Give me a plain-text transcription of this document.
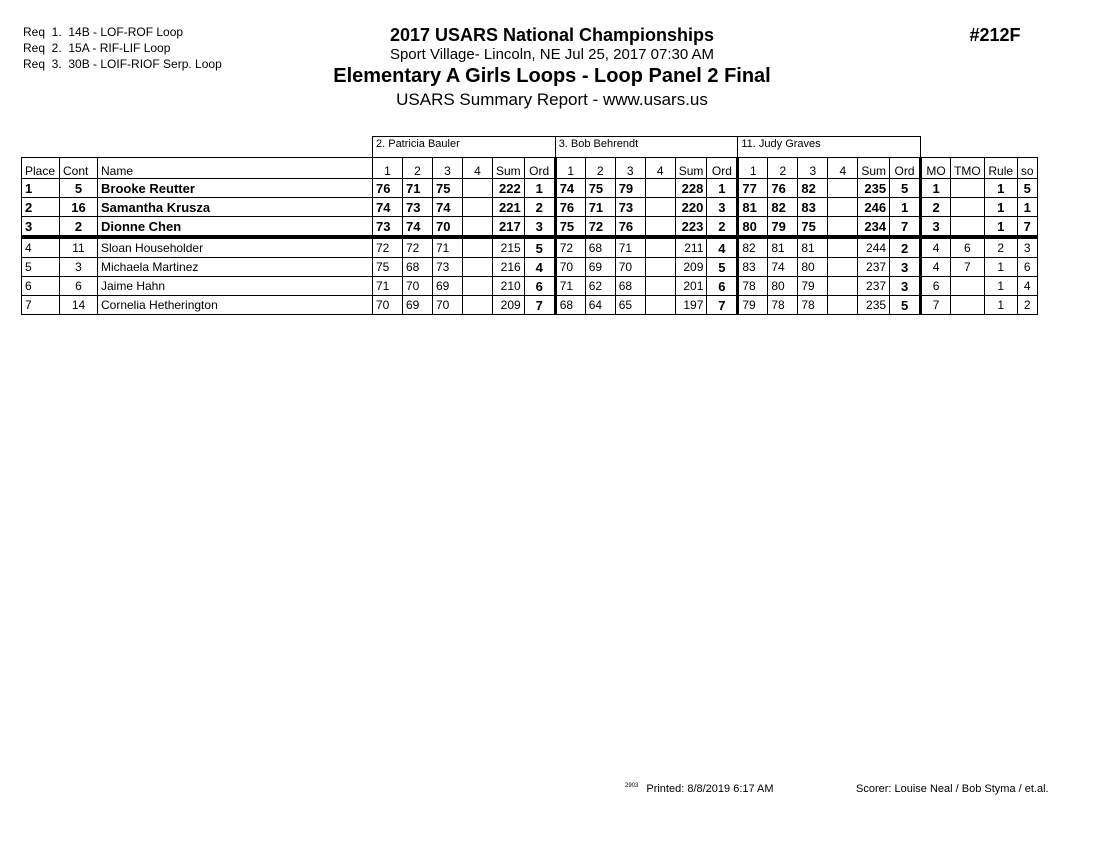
Req  1.  14B - LOF-ROF Loop
Req  2.  15A - RIF-LIF Loop
Req  3.  30B - LOIF-RIOF Serp. Loop
2017 USARS National Championships
Sport Village- Lincoln, NE Jul 25, 2017 07:30 AM
Elementary A Girls Loops - Loop Panel 2 Final
USARS Summary Report - www.usars.us
#212F
			2. Patricia Bauler						3. Bob Behrendt						11. Judy Graves									
Place	Cont	Name	1	2	3	4	Sum	Ord	1	2	3	4	Sum	Ord	1	2	3	4	Sum	Ord	MO	TMO	Rule	so
1	5	Brooke Reutter	76	71	75		222	1	74	75	79		228	1	77	76	82		235	5	1		1	5
2	16	Samantha Krusza	74	73	74		221	2	76	71	73		220	3	81	82	83		246	1	2		1	1
3	2	Dionne Chen	73	74	70		217	3	75	72	76		223	2	80	79	75		234	7	3		1	7
4	11	Sloan Householder	72	72	71		215	5	72	68	71		211	4	82	81	81		244	2	4	6	2	3
5	3	Michaela Martinez	75	68	73		216	4	70	69	70		209	5	83	74	80		237	3	4	7	1	6
6	6	Jaime Hahn	71	70	69		210	6	71	62	68		201	6	78	80	79		237	3	6		1	4
7	14	Cornelia Hetherington	70	69	70		209	7	68	64	65		197	7	79	78	78		235	5	7		1	2
$^{2903}$ Printed: 8/8/2019 6:17 AM	Scorer: Louise Neal / Bob Styma / et.al.
